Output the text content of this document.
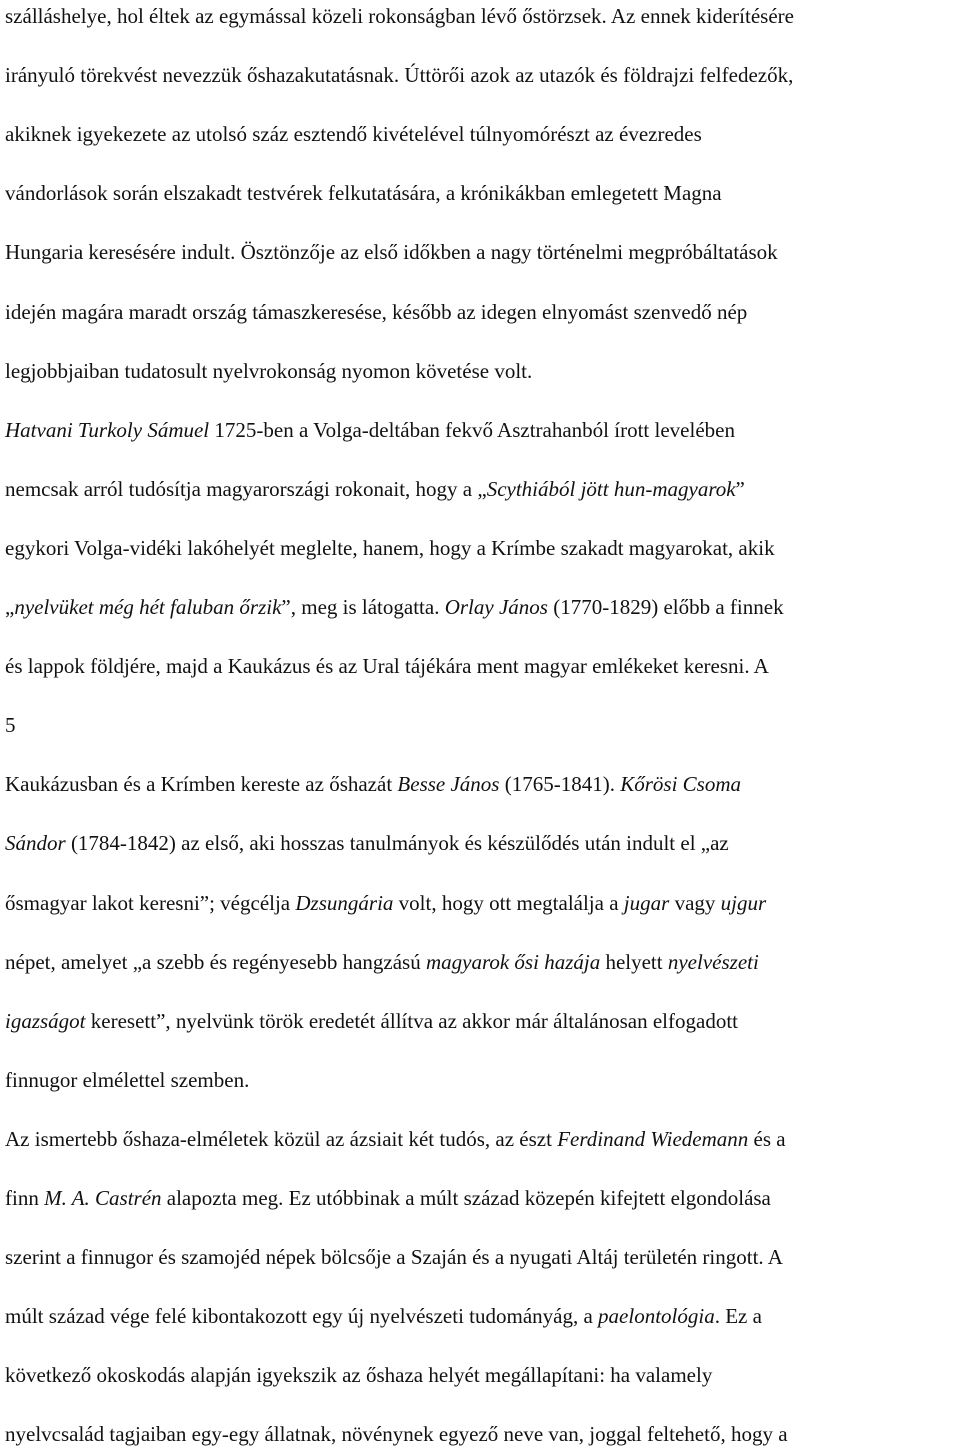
szálláshelye, hol éltek az egymással közeli rokonságban lévő őstörzsek. Az ennek kiderítésére
irányuló törekvést nevezzük őshazakutatásnak. Úttörői azok az utazók és földrajzi felfedezők,
akiknek igyekezete az utolsó száz esztendő kivételével túlnyomórészt az évezredes
vándorlások során elszakadt testvérek felkutatására, a krónikákban emlegetett Magna
Hungaria keresésére indult. Ösztönzője az első időkben a nagy történelmi megpróbáltatások
idején magára maradt ország támaszkeresése, később az idegen elnyomást szenvedő nép
legjobbjaiban tudatosult nyelvrokonság nyomon követése volt.
Hatvani Turkoly Sámuel 1725-ben a Volga-deltában fekvő Asztrahanból írott levelében
nemcsak arról tudósítja magyarországi rokonait, hogy a „Scythiából jött hun-magyarok”
egykori Volga-vidéki lakóhelyét meglelte, hanem, hogy a Krímbe szakadt magyarokat, akik
„nyelvüket még hét faluban őrzik”, meg is látogatta. Orlay János (1770-1829) előbb a finnek
és lappok földjére, majd a Kaukázus és az Ural tájékára ment magyar emlékeket keresni. A
5
Kaukázusban és a Krímben kereste az őshazát Besse János (1765-1841). Kőrösi Csoma
Sándor (1784-1842) az első, aki hosszas tanulmányok és készülődés után indult el „az
ősmagyar lakot keresni”; végcélja Dzsungária volt, hogy ott megtalálja a jugar vagy ujgur
népet, amelyet „a szebb és regényesebb hangzású magyarok ősi hazája helyett nyelvészeti
igazságot keresett”, nyelvünk török eredetét állítva az akkor már általánosan elfogadott
finnugor elmélettel szemben.
Az ismertebb őshaza-elméletek közül az ázsiait két tudós, az észt Ferdinand Wiedemann és a
finn M. A. Castrén alapozta meg. Ez utóbbinak a múlt század közepén kifejtett elgondolása
szerint a finnugor és szamojéd népek bölcsője a Szaján és a nyugati Altáj területén ringott. A
múlt század vége felé kibontakozott egy új nyelvészeti tudományág, a paelontológia. Ez a
következő okoskodás alapján igyekszik az őshaza helyét megállapítani: ha valamely
nyelvcsalád tagjaiban egy-egy állatnak, növénynek egyező neve van, joggal feltehető, hogy a
